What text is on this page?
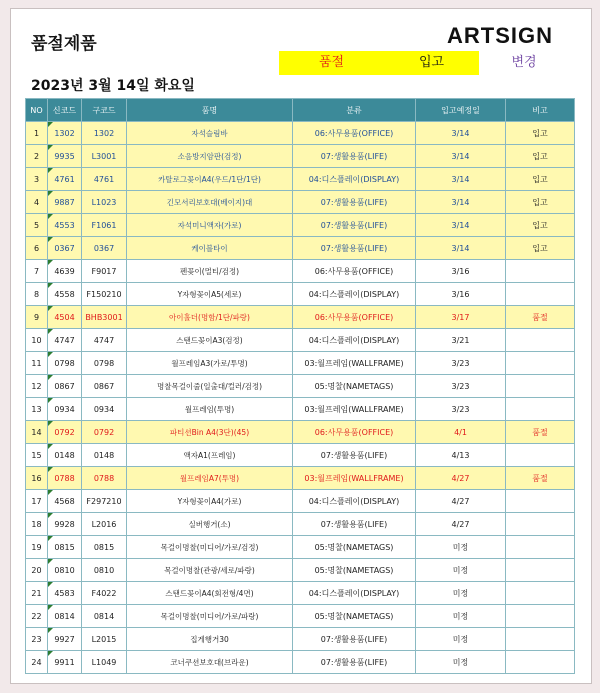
품절제품	ARTSIGN
품절	입고	변경
2023년 3월 14일 화요일
NO	신코드	구코드	품명	분류	입고예정일	비고
1	1302	1302	자석슬림바	06:사무용품(OFFICE)	3/14	입고
2	9935	L3001	소음방지암판(검정)	07:생활용품(LIFE)	3/14	입고
3	4761	4761	카탈로그꽂이A4(우드/1단/1단)	04:디스플레이(DISPLAY)	3/14	입고
4	9887	L1023	긴모서리보호대(베이지)대	07:생활용품(LIFE)	3/14	입고
5	4553	F1061	자석미니액자(가로)	07:생활용품(LIFE)	3/14	입고
6	0367	0367	케이블타이	07:생활용품(LIFE)	3/14	입고
7	4639	F9017	펜꽂이(멀티/검정)	06:사무용품(OFFICE)	3/16	
8	4558	F150210	Y자형꽂이A5(세로)	04:디스플레이(DISPLAY)	3/16	
9	4504	BHB3001	아이홀더(명함/1단/파랑)	06:사무용품(OFFICE)	3/17	품절
10	4747	4747	스탠드꽂이A3(검정)	04:디스플레이(DISPLAY)	3/21	
11	0798	0798	월프레임A3(가로/투명)	03:월프레임(WALLFRAME)	3/23	
12	0867	0867	명찰목걸이줄(일출대/컬러/검정)	05:명찰(NAMETAGS)	3/23	
13	0934	0934	월프레임(투명)	03:월프레임(WALLFRAME)	3/23	
14	0792	0792	파티션Bin A4(3단)(45)	06:사무용품(OFFICE)	4/1	품절
15	0148	0148	액자A1(프레임)	07:생활용품(LIFE)	4/13	
16	0788	0788	월프레임A7(투명)	03:월프레임(WALLFRAME)	4/27	품절
17	4568	F297210	Y자형꽂이A4(가로)	04:디스플레이(DISPLAY)	4/27	
18	9928	L2016	실버행거(소)	07:생활용품(LIFE)	4/27	
19	0815	0815	목걸이명찰(미디어/가로/검정)	05:명찰(NAMETAGS)	미정	
20	0810	0810	목걸이명찰(관광/세로/파랑)	05:명찰(NAMETAGS)	미정	
21	4583	F4022	스탠드꽂이A4(회전형/4면)	04:디스플레이(DISPLAY)	미정	
22	0814	0814	목걸이명찰(미디어/가로/파랑)	05:명찰(NAMETAGS)	미정	
23	9927	L2015	집게행거30	07:생활용품(LIFE)	미정	
24	9911	L1049	코너쿠션보호대(브라운)	07:생활용품(LIFE)	미정	
